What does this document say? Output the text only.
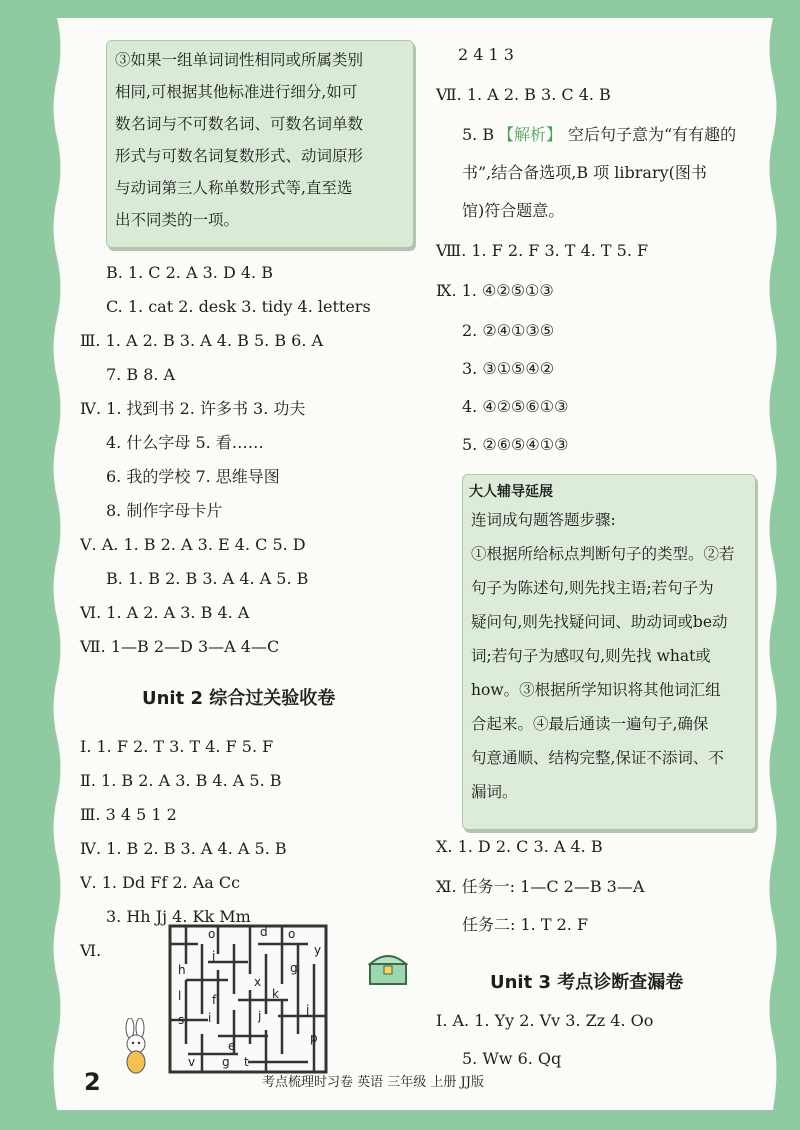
③如果一组单词词性相同或所属类别

相同,可根据其他标准进行细分,如可

数名词与不可数名词、可数名词单数

形式与可数名词复数形式、动词原形

与动词第三人称单数形式等,直至选

出不同类的一项。

B. 1. C 2. A 3. D 4. B
C. 1. cat 2. desk 3. tidy 4. letters
Ⅲ. 1. A 2. B 3. A 4. B 5. B 6. A
7. B 8. A
Ⅳ. 1. 找到书 2. 许多书 3. 功夫
4. 什么字母 5. 看……
6. 我的学校 7. 思维导图
8. 制作字母卡片
Ⅴ. A. 1. B 2. A 3. E 4. C 5. D
B. 1. B 2. B 3. A 4. A 5. B
Ⅵ. 1. A 2. A 3. B 4. A
Ⅶ. 1—B 2—D 3—A 4—C
Unit 2 综合过关验收卷
Ⅰ. 1. F 2. T 3. T 4. F 5. F
Ⅱ. 1. B 2. A 3. B 4. A 5. B
Ⅲ. 3 4 5 1 2
Ⅳ. 1. B 2. B 3. A 4. A 5. B
Ⅴ. 1. Dd Ff 2. Aa Cc
3. Hh Jj 4. Kk Mm
Ⅵ.
o	d o
h
j
g
y
l
x
k
f
s i	j	j
v g t
p
e
2 4 1 3
Ⅶ. 1. A 2. B 3. C 4. B
5. B 【解析】 空后句子意为“有有趣的
书”,结合备选项,B 项 library(图书
馆)符合题意。
Ⅷ. 1. F 2. F 3. T 4. T 5. F
Ⅸ. 1. ④②⑤①③
2. ②④①③⑤
3. ③①⑤④②
4. ④②⑤⑥①③
5. ②⑥⑤④①③
大人辅导延展

连词成句题答题步骤:

①根据所给标点判断句子的类型。②若

句子为陈述句,则先找主语;若句子为

疑问句,则先找疑问词、助动词或be动

词;若句子为感叹句,则先找 what或

how。③根据所学知识将其他词汇组

合起来。④最后通读一遍句子,确保

句意通顺、结构完整,保证不添词、不

漏词。

Ⅹ. 1. D 2. C 3. A 4. B
Ⅺ. 任务一: 1—C 2—B 3—A
任务二: 1. T 2. F
Unit 3 考点诊断查漏卷
Ⅰ. A. 1. Yy 2. Vv 3. Zz 4. Oo
5. Ww 6. Qq
2	考点梳理时习卷 英语 三年级 上册 JJ版
